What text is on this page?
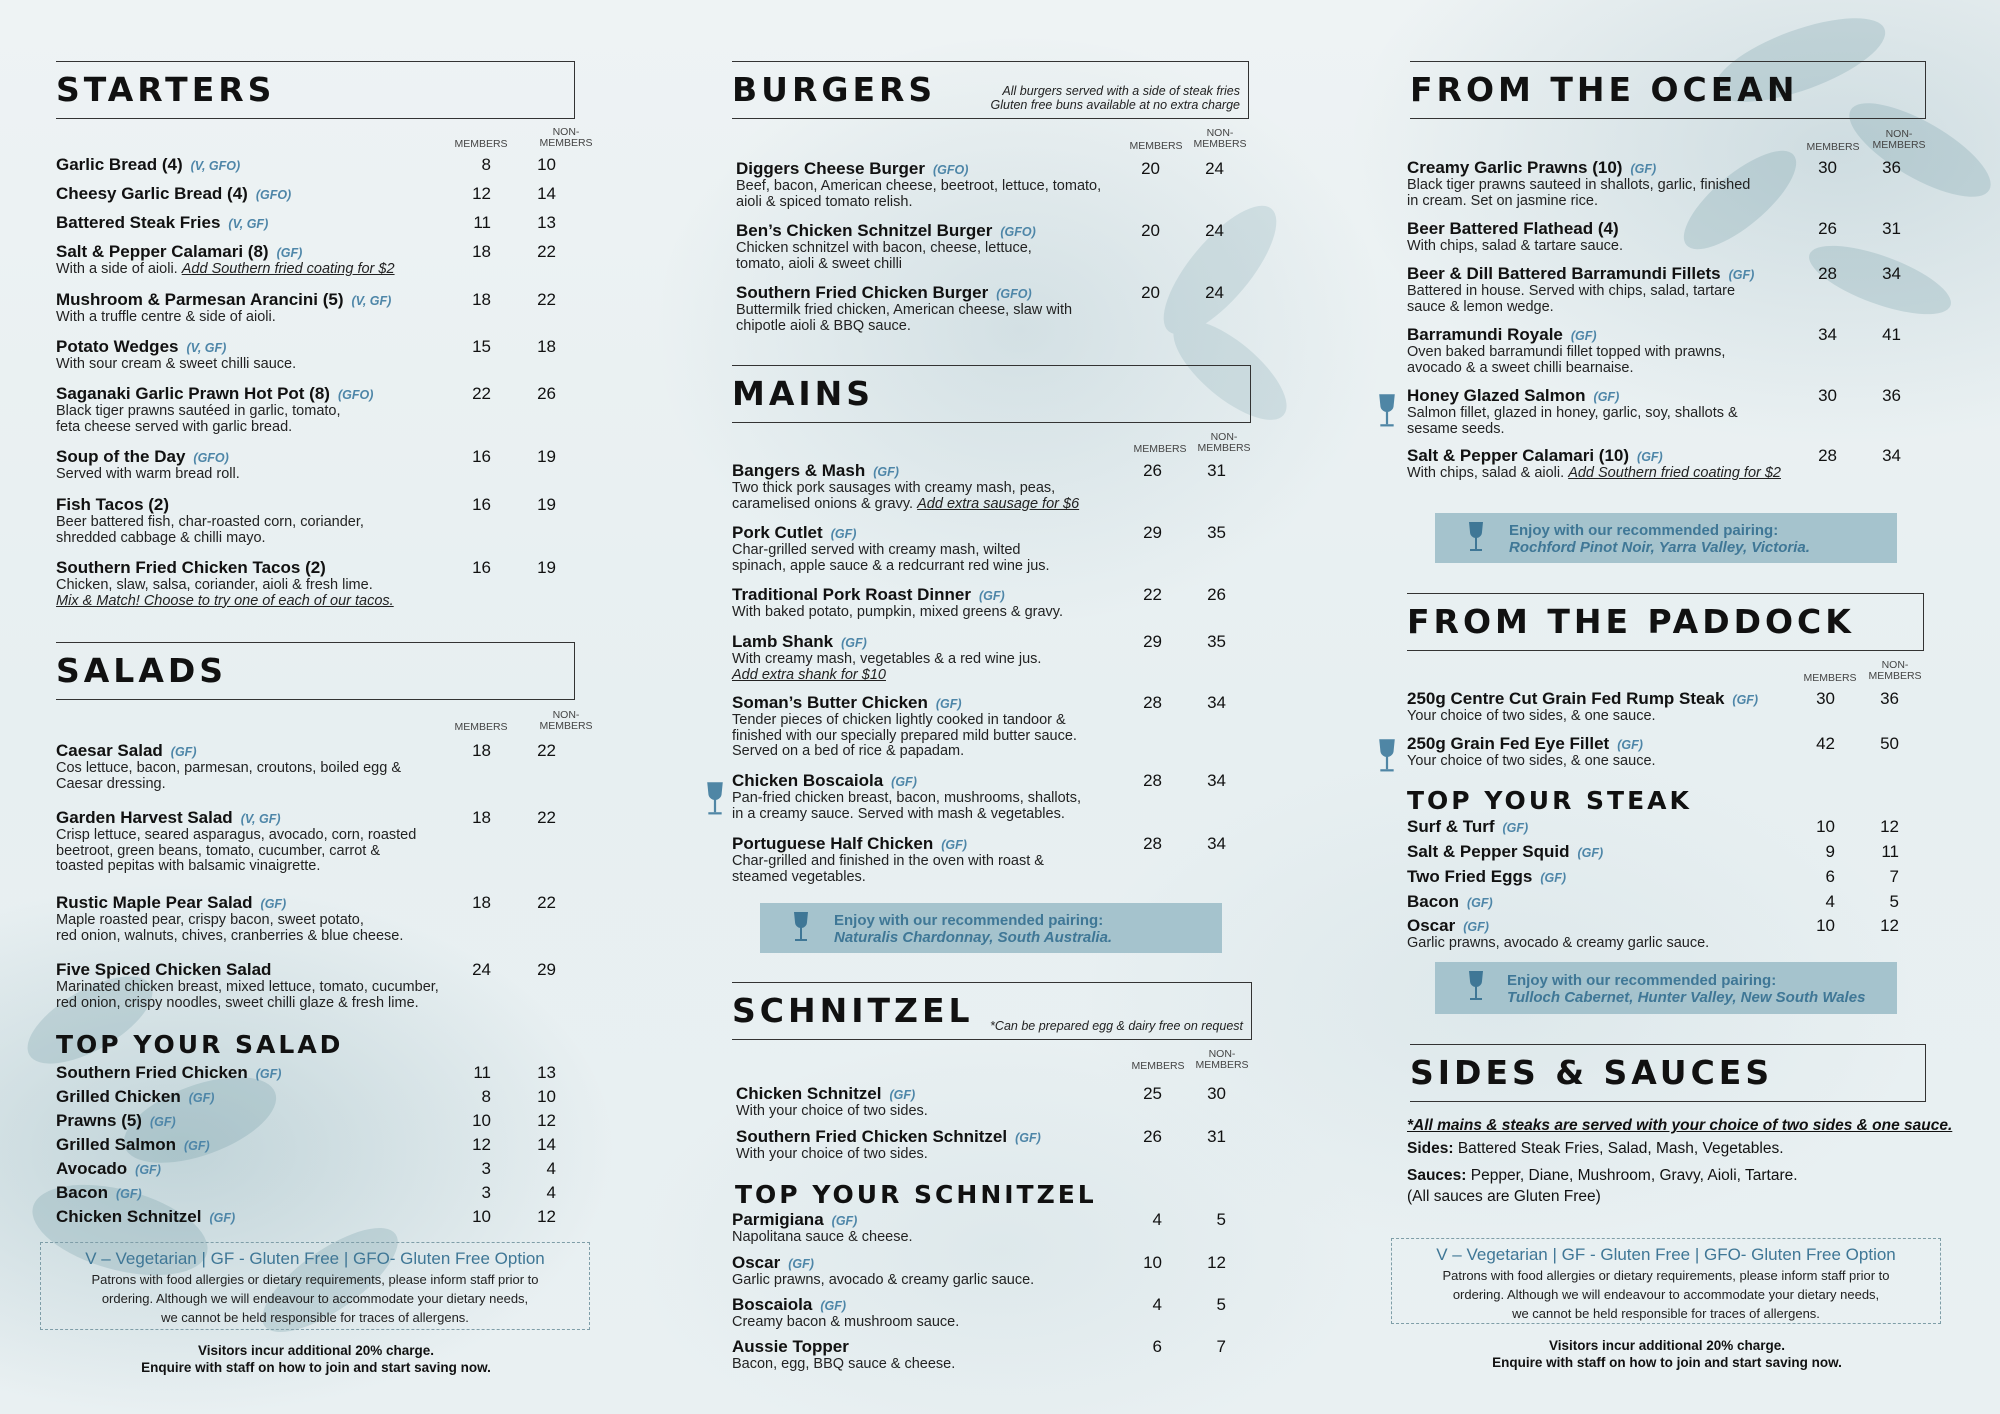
STARTERS
MEMBERS
NON-
MEMBERS
Garlic Bread (4) (V, GFO)	8	10
Cheesy Garlic Bread (4) (GFO)	12	14
Battered Steak Fries (V, GF)	11	13
Salt & Pepper Calamari (8) (GF)
With a side of aioli. Add Southern fried coating for $2
18	22
Mushroom & Parmesan Arancini (5) (V, GF)
With a truffle centre & side of aioli.
18	22
Potato Wedges (V, GF)
With sour cream & sweet chilli sauce.
15	18
Saganaki Garlic Prawn Hot Pot (8) (GFO)
Black tiger prawns sautéed in garlic, tomato,
feta cheese served with garlic bread.
22	26
Soup of the Day (GFO)
Served with warm bread roll.
16	19
Fish Tacos (2)
Beer battered fish, char-roasted corn, coriander,
shredded cabbage & chilli mayo.
16	19
Southern Fried Chicken Tacos (2)
Chicken, slaw, salsa, coriander, aioli & fresh lime.
Mix & Match! Choose to try one of each of our tacos.
16	19
SALADS
MEMBERS
NON-
MEMBERS
Caesar Salad (GF)
Cos lettuce, bacon, parmesan, croutons, boiled egg &
Caesar dressing.
18	22
Garden Harvest Salad (V, GF)
Crisp lettuce, seared asparagus, avocado, corn, roasted
beetroot, green beans, tomato, cucumber, carrot &
toasted pepitas with balsamic vinaigrette.
18	22
Rustic Maple Pear Salad (GF)
Maple roasted pear, crispy bacon, sweet potato,
red onion, walnuts, chives, cranberries & blue cheese.
18	22
Five Spiced Chicken Salad
Marinated chicken breast, mixed lettuce, tomato, cucumber,
red onion, crispy noodles, sweet chilli glaze & fresh lime.
24	29
TOP YOUR SALAD
Southern Fried Chicken (GF)	11	13
Grilled Chicken (GF)	8	10
Prawns (5) (GF)	10	12
Grilled Salmon (GF)	12	14
Avocado (GF)	3	4
Bacon (GF)	3	4
Chicken Schnitzel (GF)	10	12
V – Vegetarian | GF - Gluten Free | GFO- Gluten Free Option
Patrons with food allergies or dietary requirements, please inform staff prior to
ordering. Although we will endeavour to accommodate your dietary needs,
we cannot be held responsible for traces of allergens.
Visitors incur additional 20% charge.
Enquire with staff on how to join and start saving now.
BURGERS	All burgers served with a side of steak fries
Gluten free buns available at no extra charge
MEMBERS
NON-
MEMBERS
Diggers Cheese Burger (GFO)
Beef, bacon, American cheese, beetroot, lettuce, tomato,
aioli & spiced tomato relish.
20	24
Ben’s Chicken Schnitzel Burger (GFO)
Chicken schnitzel with bacon, cheese, lettuce,
tomato, aioli & sweet chilli
20	24
Southern Fried Chicken Burger (GFO)
Buttermilk fried chicken, American cheese, slaw with
chipotle aioli & BBQ sauce.
20	24
MAINS
MEMBERS
NON-
MEMBERS
Bangers & Mash (GF)
Two thick pork sausages with creamy mash, peas,
caramelised onions & gravy. Add extra sausage for $6
26	31
Pork Cutlet (GF)
Char-grilled served with creamy mash, wilted
spinach, apple sauce & a redcurrant red wine jus.
29	35
Traditional Pork Roast Dinner (GF)
With baked potato, pumpkin, mixed greens & gravy.
22	26
Lamb Shank (GF)
With creamy mash, vegetables & a red wine jus.
Add extra shank for $10
29	35
Soman’s Butter Chicken (GF)
Tender pieces of chicken lightly cooked in tandoor &
finished with our specially prepared mild butter sauce.
Served on a bed of rice & papadam.
28	34
Chicken Boscaiola (GF)
Pan-fried chicken breast, bacon, mushrooms, shallots,
in a creamy sauce. Served with mash & vegetables.
28	34
Portuguese Half Chicken (GF)
Char-grilled and finished in the oven with roast &
steamed vegetables.
28	34
Enjoy with our recommended pairing:
Naturalis Chardonnay, South Australia.
SCHNITZEL *Can be prepared egg & dairy free on request
MEMBERS
NON-
MEMBERS
Chicken Schnitzel (GF)
With your choice of two sides.
25	30
Southern Fried Chicken Schnitzel (GF)
With your choice of two sides.
26	31
TOP YOUR SCHNITZEL
Parmigiana (GF)
Napolitana sauce & cheese.
4	5
Oscar (GF)
Garlic prawns, avocado & creamy garlic sauce.
10	12
Boscaiola (GF)
Creamy bacon & mushroom sauce.
4	5
Aussie Topper
Bacon, egg, BBQ sauce & cheese.
6	7
FROM THE OCEAN
MEMBERS
NON-
MEMBERS
Creamy Garlic Prawns (10) (GF)
Black tiger prawns sauteed in shallots, garlic, finished
in cream. Set on jasmine rice.
30	36
Beer Battered Flathead (4)
With chips, salad & tartare sauce.
26	31
Beer & Dill Battered Barramundi Fillets (GF)
Battered in house. Served with chips, salad, tartare
sauce & lemon wedge.
28	34
Barramundi Royale (GF)
Oven baked barramundi fillet topped with prawns,
avocado & a sweet chilli bearnaise.
34	41
Honey Glazed Salmon (GF)
Salmon fillet, glazed in honey, garlic, soy, shallots &
sesame seeds.
30	36
Salt & Pepper Calamari (10) (GF)
With chips, salad & aioli. Add Southern fried coating for $2
28	34
Enjoy with our recommended pairing:
Rochford Pinot Noir, Yarra Valley, Victoria.
FROM THE PADDOCK
MEMBERS
NON-
MEMBERS
250g Centre Cut Grain Fed Rump Steak (GF)
Your choice of two sides, & one sauce.
30	36
250g Grain Fed Eye Fillet (GF)
Your choice of two sides, & one sauce.
42	50
TOP YOUR STEAK
Surf & Turf (GF)	10	12
Salt & Pepper Squid (GF)	9	11
Two Fried Eggs (GF)	6	7
Bacon (GF)	4	5
Oscar (GF)
Garlic prawns, avocado & creamy garlic sauce.
10	12
Enjoy with our recommended pairing:
Tulloch Cabernet, Hunter Valley, New South Wales
SIDES & SAUCES
*All mains & steaks are served with your choice of two sides & one sauce.
Sides: Battered Steak Fries, Salad, Mash, Vegetables.
Sauces: Pepper, Diane, Mushroom, Gravy, Aioli, Tartare.
(All sauces are Gluten Free)
V – Vegetarian | GF - Gluten Free | GFO- Gluten Free Option
Patrons with food allergies or dietary requirements, please inform staff prior to
ordering. Although we will endeavour to accommodate your dietary needs,
we cannot be held responsible for traces of allergens.
Visitors incur additional 20% charge.
Enquire with staff on how to join and start saving now.
